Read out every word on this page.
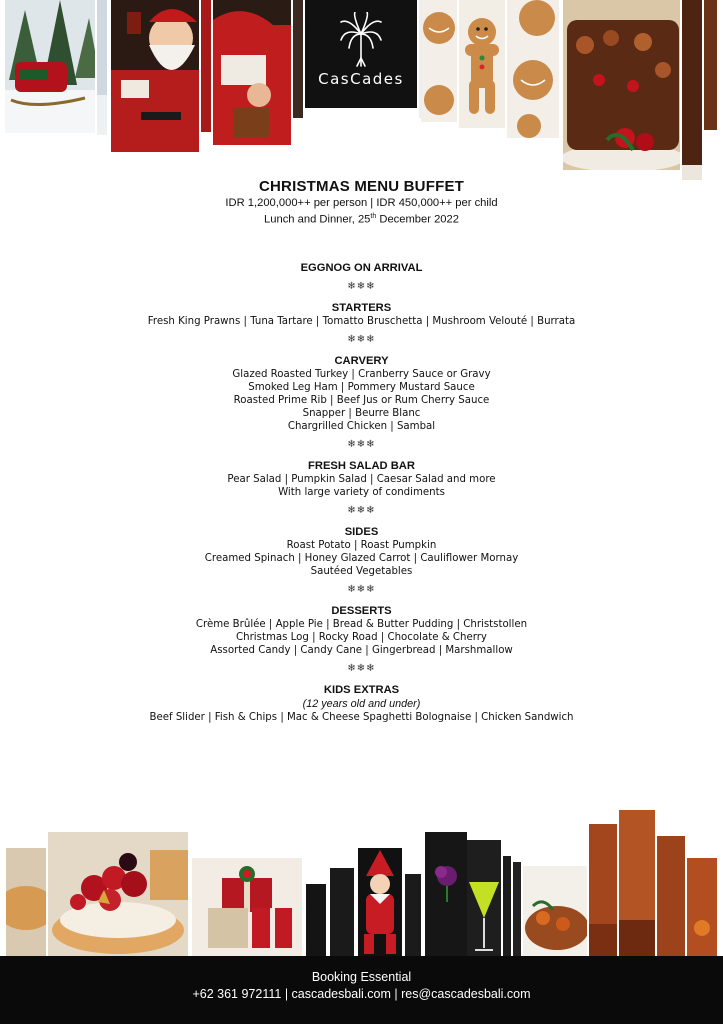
CasCades
CHRISTMAS MENU BUFFET
IDR 1,200,000++ per person | IDR 450,000++ per child
Lunch and Dinner, 25th December 2022
EGGNOG ON ARRIVAL
❄❄❄
STARTERS
Fresh King Prawns | Tuna Tartare | Tomatto Bruschetta | Mushroom Velouté | Burrata
❄❄❄
CARVERY
Glazed Roasted Turkey | Cranberry Sauce or Gravy
Smoked Leg Ham | Pommery Mustard Sauce
Roasted Prime Rib | Beef Jus or Rum Cherry Sauce
Snapper | Beurre Blanc
Chargrilled Chicken | Sambal
❄❄❄
FRESH SALAD BAR
Pear Salad | Pumpkin Salad | Caesar Salad and more
With large variety of condiments
❄❄❄
SIDES
Roast Potato | Roast Pumpkin
Creamed Spinach | Honey Glazed Carrot | Cauliflower Mornay
Sautéed Vegetables
❄❄❄
DESSERTS
Crème Brûlée | Apple Pie | Bread & Butter Pudding | Christstollen
Christmas Log | Rocky Road | Chocolate & Cherry
Assorted Candy | Candy Cane | Gingerbread | Marshmallow
❄❄❄
KIDS EXTRAS
(12 years old and under)
Beef Slider | Fish & Chips | Mac & Cheese Spaghetti Bolognaise | Chicken Sandwich
Booking Essential
+62 361 972111 | cascadesbali.com | res@cascadesbali.com
